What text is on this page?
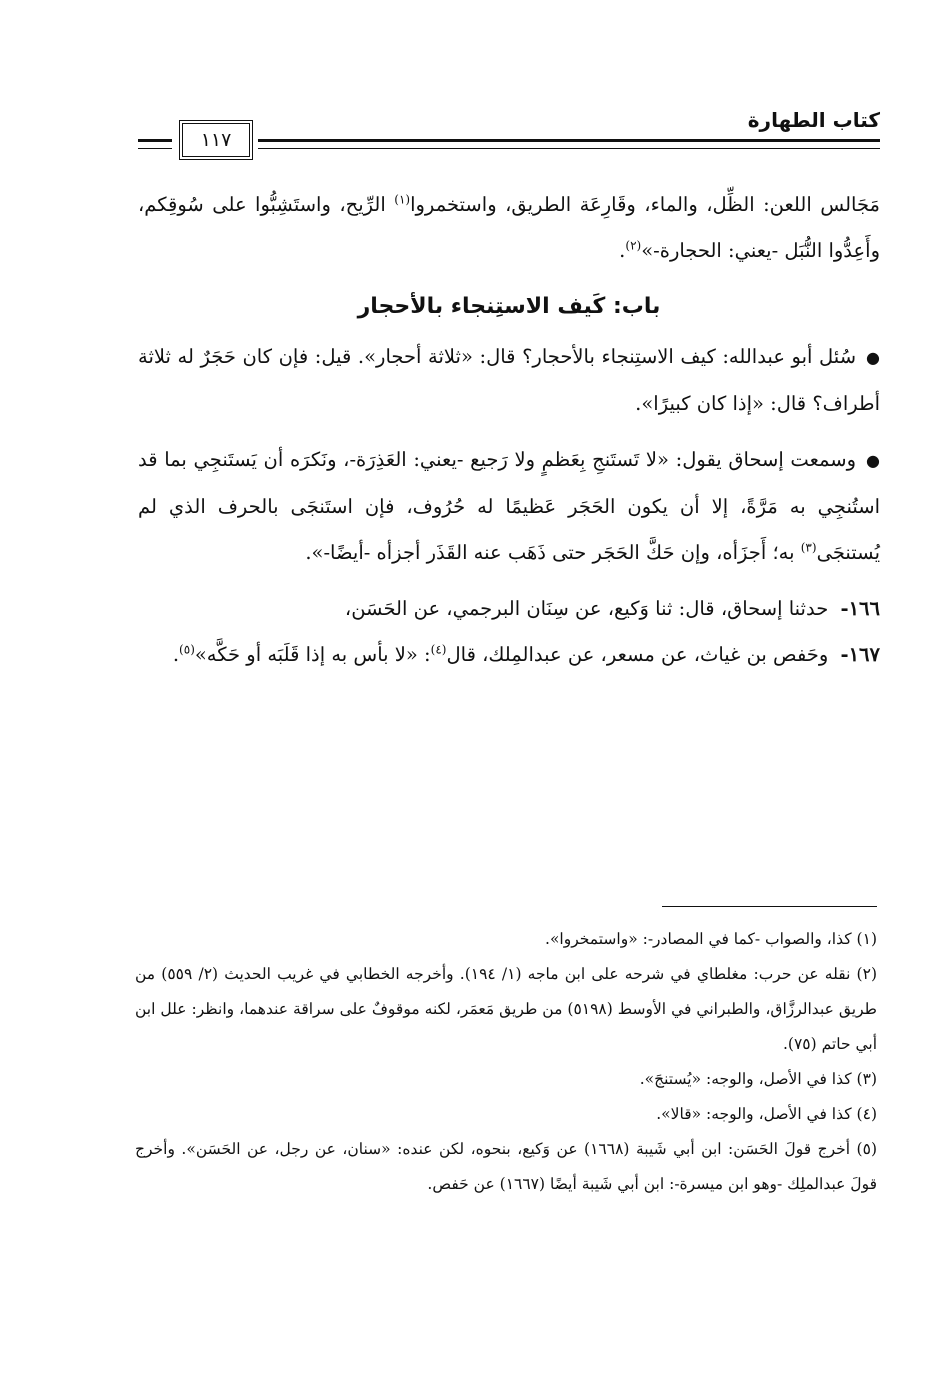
كتاب الطهارة
١١٧

مَجَالس اللعن: الظِّل، والماء، وقَارِعَة الطريق، واستخمروا$^{(١)}$ الرِّيح، واستَشِبُّوا على سُوقِكم، وأَعِدُّوا النُّبَل -يعني: الحجارة-»$^{(٢)}$.

باب: كَيف الاستِنجاء بالأحجار

●سُئل أبو عبدالله: كيف الاستِنجاء بالأحجار؟ قال: «ثلاثة أحجار». قيل: فإن كان حَجَرٌ له ثلاثة أطراف؟ قال: «إذا كان كبيرًا».

●وسمعت إسحاق يقول: «لا تَستَنجِ بِعَظمٍ ولا رَجيع -يعني: العَذِرَة-، ونَكرَه أن يَستَنجِي بما قد استُنجِي به مَرَّةً، إلا أن يكون الحَجَر عَظيمًا له حُرُوف، فإن استَنجَى بالحرف الذي لم يُستنجَى$^{(٣)}$ به؛ أَجزَأه، وإن حَكَّ الحَجَر حتى ذَهَب عنه القَذَر أجزأه -أيضًا-».

١٦٦- حدثنا إسحاق، قال: ثنا وَكيع، عن سِنَان البرجمي، عن الحَسَن،

١٦٧- وحَفص بن غياث، عن مسعر، عن عبدالمِلك، قال$^{(٤)}$: «لا بأس به إذا قَلَبَه أو حَكَّه»$^{(٥)}$.

(١) كذا، والصواب -كما في المصادر-: «واستمخروا».

(٢) نقله عن حرب: مغلطاي في شرحه على ابن ماجه (١/ ١٩٤). وأخرجه الخطابي في غريب الحديث (٢/ ٥٥٩) من طريق عبدالرزَّاق، والطبراني في الأوسط (٥١٩٨) من طريق مَعمَر، لكنه موقوفٌ على سراقة عندهما، وانظر: علل ابن أبي حاتم (٧٥).

(٣) كذا في الأصل، والوجه: «يُستنجَ».

(٤) كذا في الأصل، والوجه: «قالا».

(٥) أخرج قولَ الحَسَن: ابن أبي شَيبة (١٦٦٨) عن وَكيع، بنحوه، لكن عنده: «سنان، عن رجل، عن الحَسَن». وأخرج قولَ عبدالملِك -وهو ابن ميسرة-: ابن أبي شَيبة أيضًا (١٦٦٧) عن حَفص.
